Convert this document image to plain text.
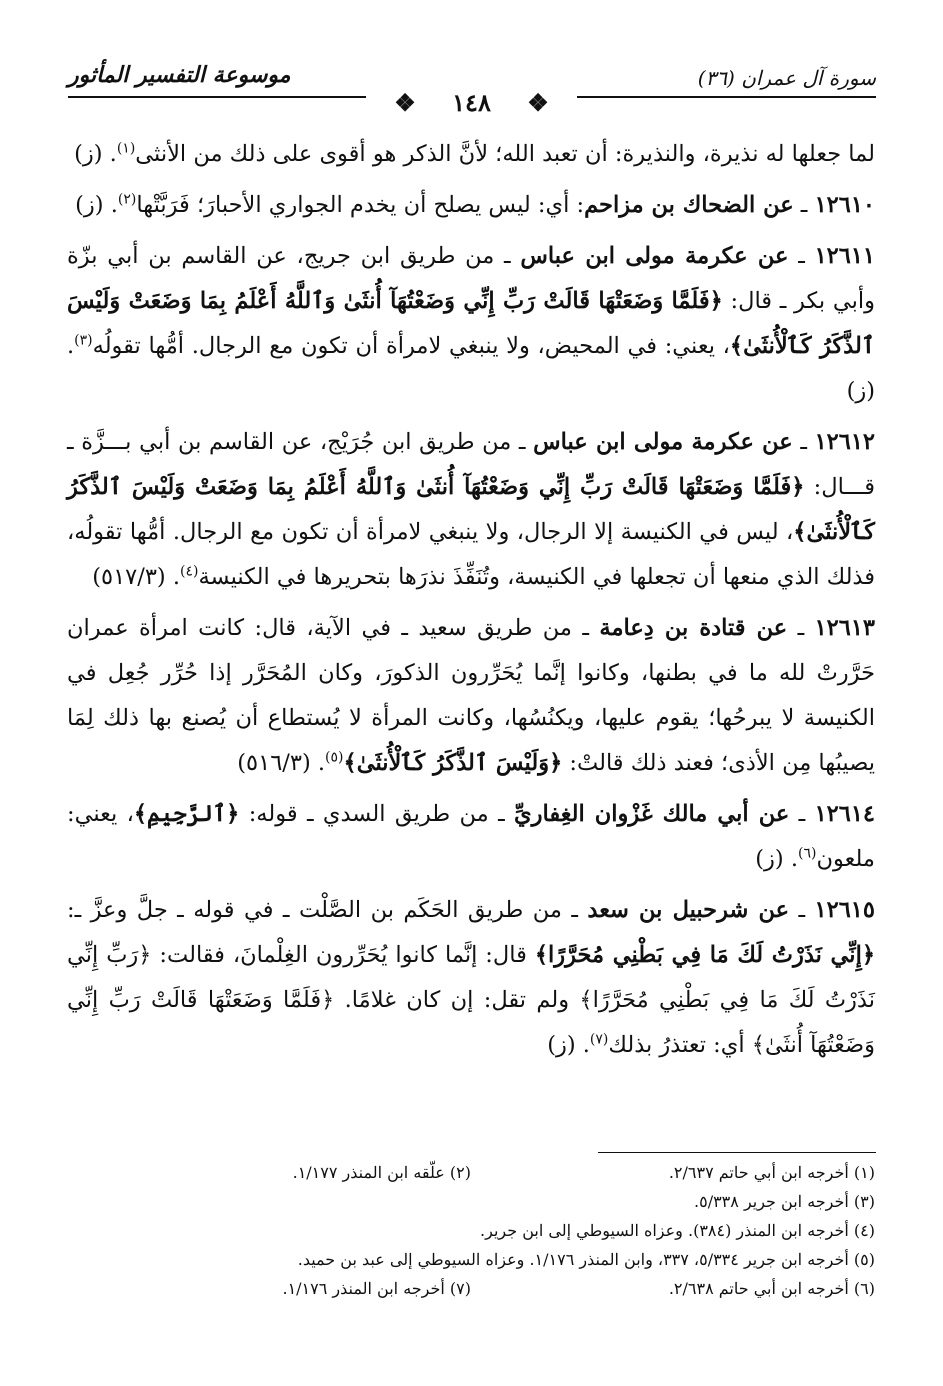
موسوعة التفسير المأثور	سورة آل عمران (٣٦)
❖ ١٤٨ ❖

لما جعلها له نذيرة، والنذيرة: أن تعبد الله؛ لأنَّ الذكر هو أقوى على ذلك من الأنثى$^{(١)}$. (ز)

١٢٦١٠ ـ عن الضحاك بن مزاحم: أي: ليس يصلح أن يخدم الجواري الأحبارَ؛ فَرَبَّتْها$^{(٢)}$. (ز)

١٢٦١١ ـ عن عكرمة مولى ابن عباس ـ من طريق ابن جريج، عن القاسم بن أبي بزّة وأبي بكر ـ قال: ﴿فَلَمَّا وَضَعَتْهَا قَالَتْ رَبِّ إِنِّي وَضَعْتُهَآ أُنثَىٰ وَٱللَّهُ أَعْلَمُ بِمَا وَضَعَتْ وَلَيْسَ ٱلذَّكَرُ كَٱلْأُنثَىٰ﴾، يعني: في المحيض، ولا ينبغي لامرأة أن تكون مع الرجال. أمُّها تقولُه$^{(٣)}$. (ز)

١٢٦١٢ ـ عن عكرمة مولى ابن عباس ـ من طريق ابن جُرَيْج، عن القاسم بن أبي بـــزَّة ـ قـــال: ﴿فَلَمَّا وَضَعَتْهَا قَالَتْ رَبِّ إِنِّي وَضَعْتُهَآ أُنثَىٰ وَٱللَّهُ أَعْلَمُ بِمَا وَضَعَتْ وَلَيْسَ ٱلذَّكَرُ كَٱلْأُنثَىٰ﴾، ليس في الكنيسة إلا الرجال، ولا ينبغي لامرأة أن تكون مع الرجال. أمُّها تقولُه، فذلك الذي منعها أن تجعلها في الكنيسة، وتُنَفِّذَ نذرَها بتحريرها في الكنيسة$^{(٤)}$. (٥١٧/٣)

١٢٦١٣ ـ عن قتادة بن دِعامة ـ من طريق سعيد ـ في الآية، قال: كانت امرأة عمران حَرَّرتْ لله ما في بطنها، وكانوا إنَّما يُحَرِّرون الذكورَ، وكان المُحَرَّر إذا حُرِّر جُعِل في الكنيسة لا يبرحُها؛ يقوم عليها، ويكنُسُها، وكانت المرأة لا يُستطاع أن يُصنع بها ذلك لِمَا يصيبُها مِن الأذى؛ فعند ذلك قالتْ: ﴿وَلَيْسَ ٱلذَّكَرُ كَٱلْأُنثَىٰ﴾$^{(٥)}$. (٥١٦/٣)

١٢٦١٤ ـ عن أبي مالك غَزْوان الغِفاريِّ ـ من طريق السدي ـ قوله: ﴿ٱلرَّجِيمِ﴾، يعني: ملعون$^{(٦)}$. (ز)

١٢٦١٥ ـ عن شرحبيل بن سعد ـ من طريق الحَكَم بن الصَّلْت ـ في قوله ـ جلَّ وعزَّ ـ: ﴿إِنِّي نَذَرْتُ لَكَ مَا فِي بَطْنِي مُحَرَّرًا﴾ قال: إنَّما كانوا يُحَرِّرون الغِلْمانَ، فقالت: ﴿رَبِّ إِنِّي نَذَرْتُ لَكَ مَا فِي بَطْنِي مُحَرَّرًا﴾ ولم تقل: إن كان غلامًا. ﴿فَلَمَّا وَضَعَتْهَا قَالَتْ رَبِّ إِنِّي وَضَعْتُهَآ أُنثَىٰ﴾ أي: تعتذرُ بذلك$^{(٧)}$. (ز)

(١) أخرجه ابن أبي حاتم ٢/٦٣٧.
(٢) علّقه ابن المنذر ١/١٧٧.
(٣) أخرجه ابن جرير ٥/٣٣٨.
(٤) أخرجه ابن المنذر (٣٨٤). وعزاه السيوطي إلى ابن جرير.
(٥) أخرجه ابن جرير ٥/٣٣٤، ٣٣٧، وابن المنذر ١/١٧٦. وعزاه السيوطي إلى عبد بن حميد.
(٦) أخرجه ابن أبي حاتم ٢/٦٣٨.
(٧) أخرجه ابن المنذر ١/١٧٦.
